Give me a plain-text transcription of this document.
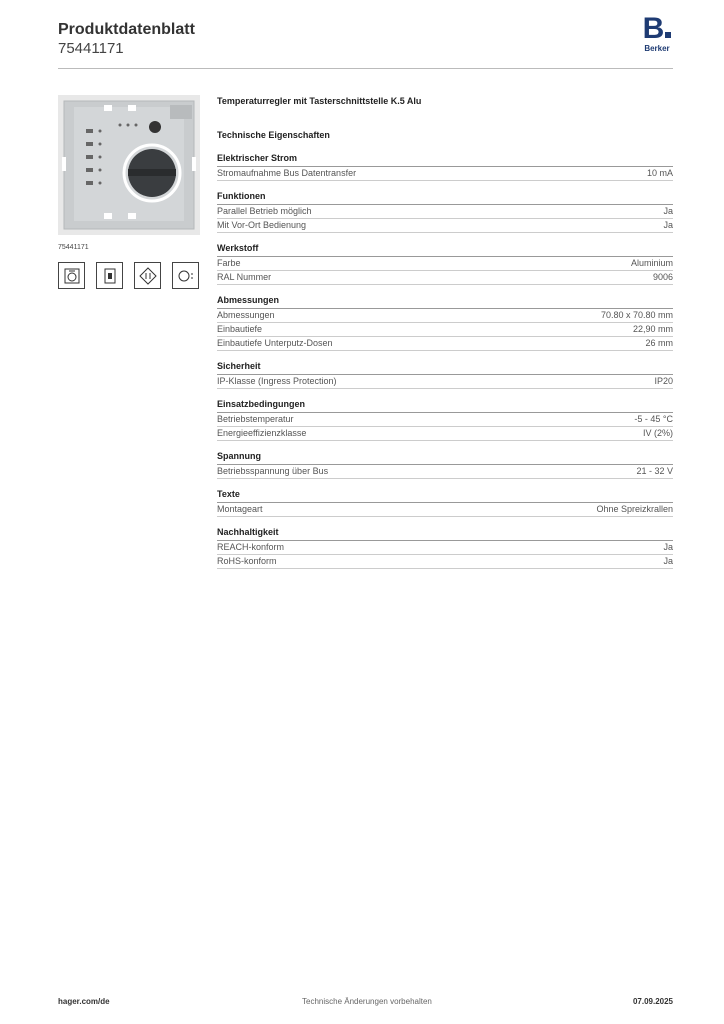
Produktdatenblatt
75441171
B
Berker
75441171
Temperaturregler mit Tasterschnittstelle K.5 Alu
Technische Eigenschaften
Elektrischer Strom
Stromaufnahme Bus Datentransfer	10 mA
Funktionen
Parallel Betrieb möglich	Ja
Mit Vor-Ort Bedienung	Ja
Werkstoff
Farbe	Aluminium
RAL Nummer	9006
Abmessungen
Abmessungen	70.80 x 70.80 mm
Einbautiefe	22,90 mm
Einbautiefe Unterputz-Dosen	26 mm
Sicherheit
IP-Klasse (Ingress Protection)	IP20
Einsatzbedingungen
Betriebstemperatur	-5 - 45 °C
Energieeffizienzklasse	IV (2%)
Spannung
Betriebsspannung über Bus	21 - 32 V
Texte
Montageart	Ohne Spreizkrallen
Nachhaltigkeit
REACH-konform	Ja
RoHS-konform	Ja
hager.com/de	Technische Änderungen vorbehalten	07.09.2025
